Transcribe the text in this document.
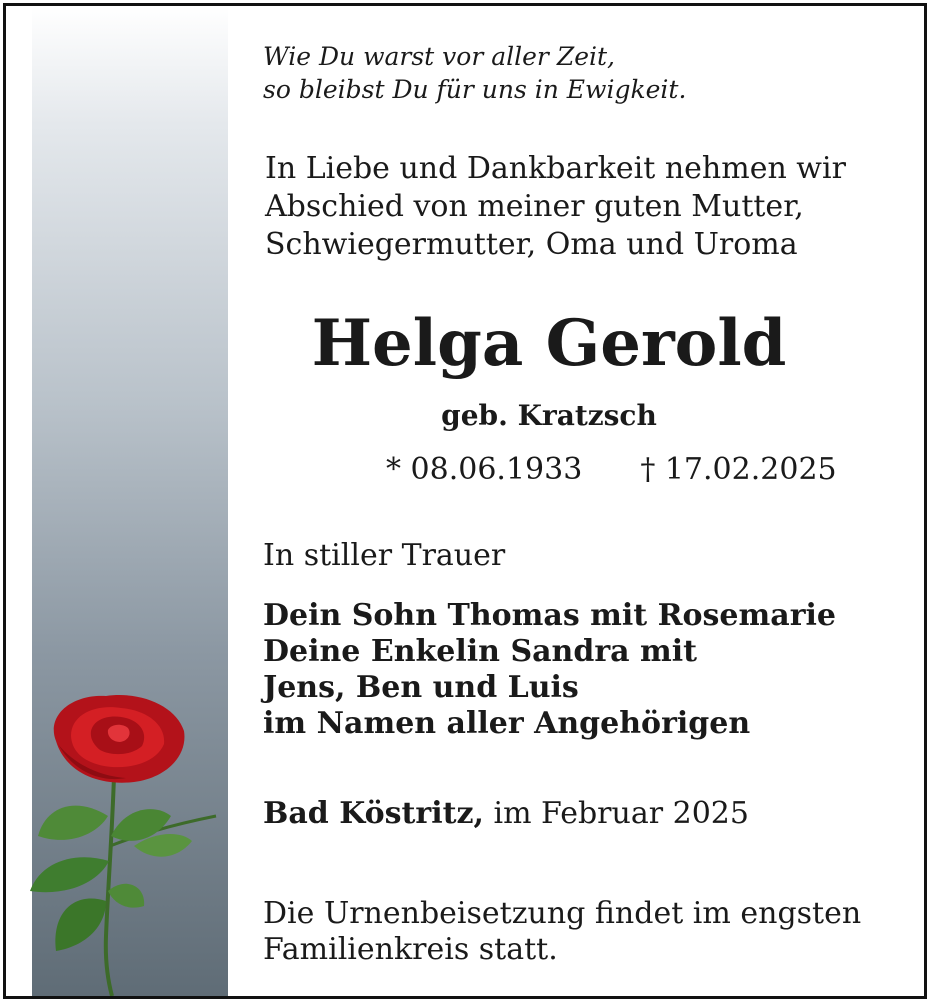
Wie Du warst vor aller Zeit,
so bleibst Du für uns in Ewigkeit.
In Liebe und Dankbarkeit nehmen wir
Abschied von meiner guten Mutter,
Schwiegermutter, Oma und Uroma
Helga Gerold
geb. Kratzsch
* 08.06.1933 † 17.02.2025
In stiller Trauer
Dein Sohn Thomas mit Rosemarie
Deine Enkelin Sandra mit
Jens, Ben und Luis
im Namen aller Angehörigen
Bad Köstritz, im Februar 2025
Die Urnenbeisetzung findet im engsten
Familienkreis statt.
